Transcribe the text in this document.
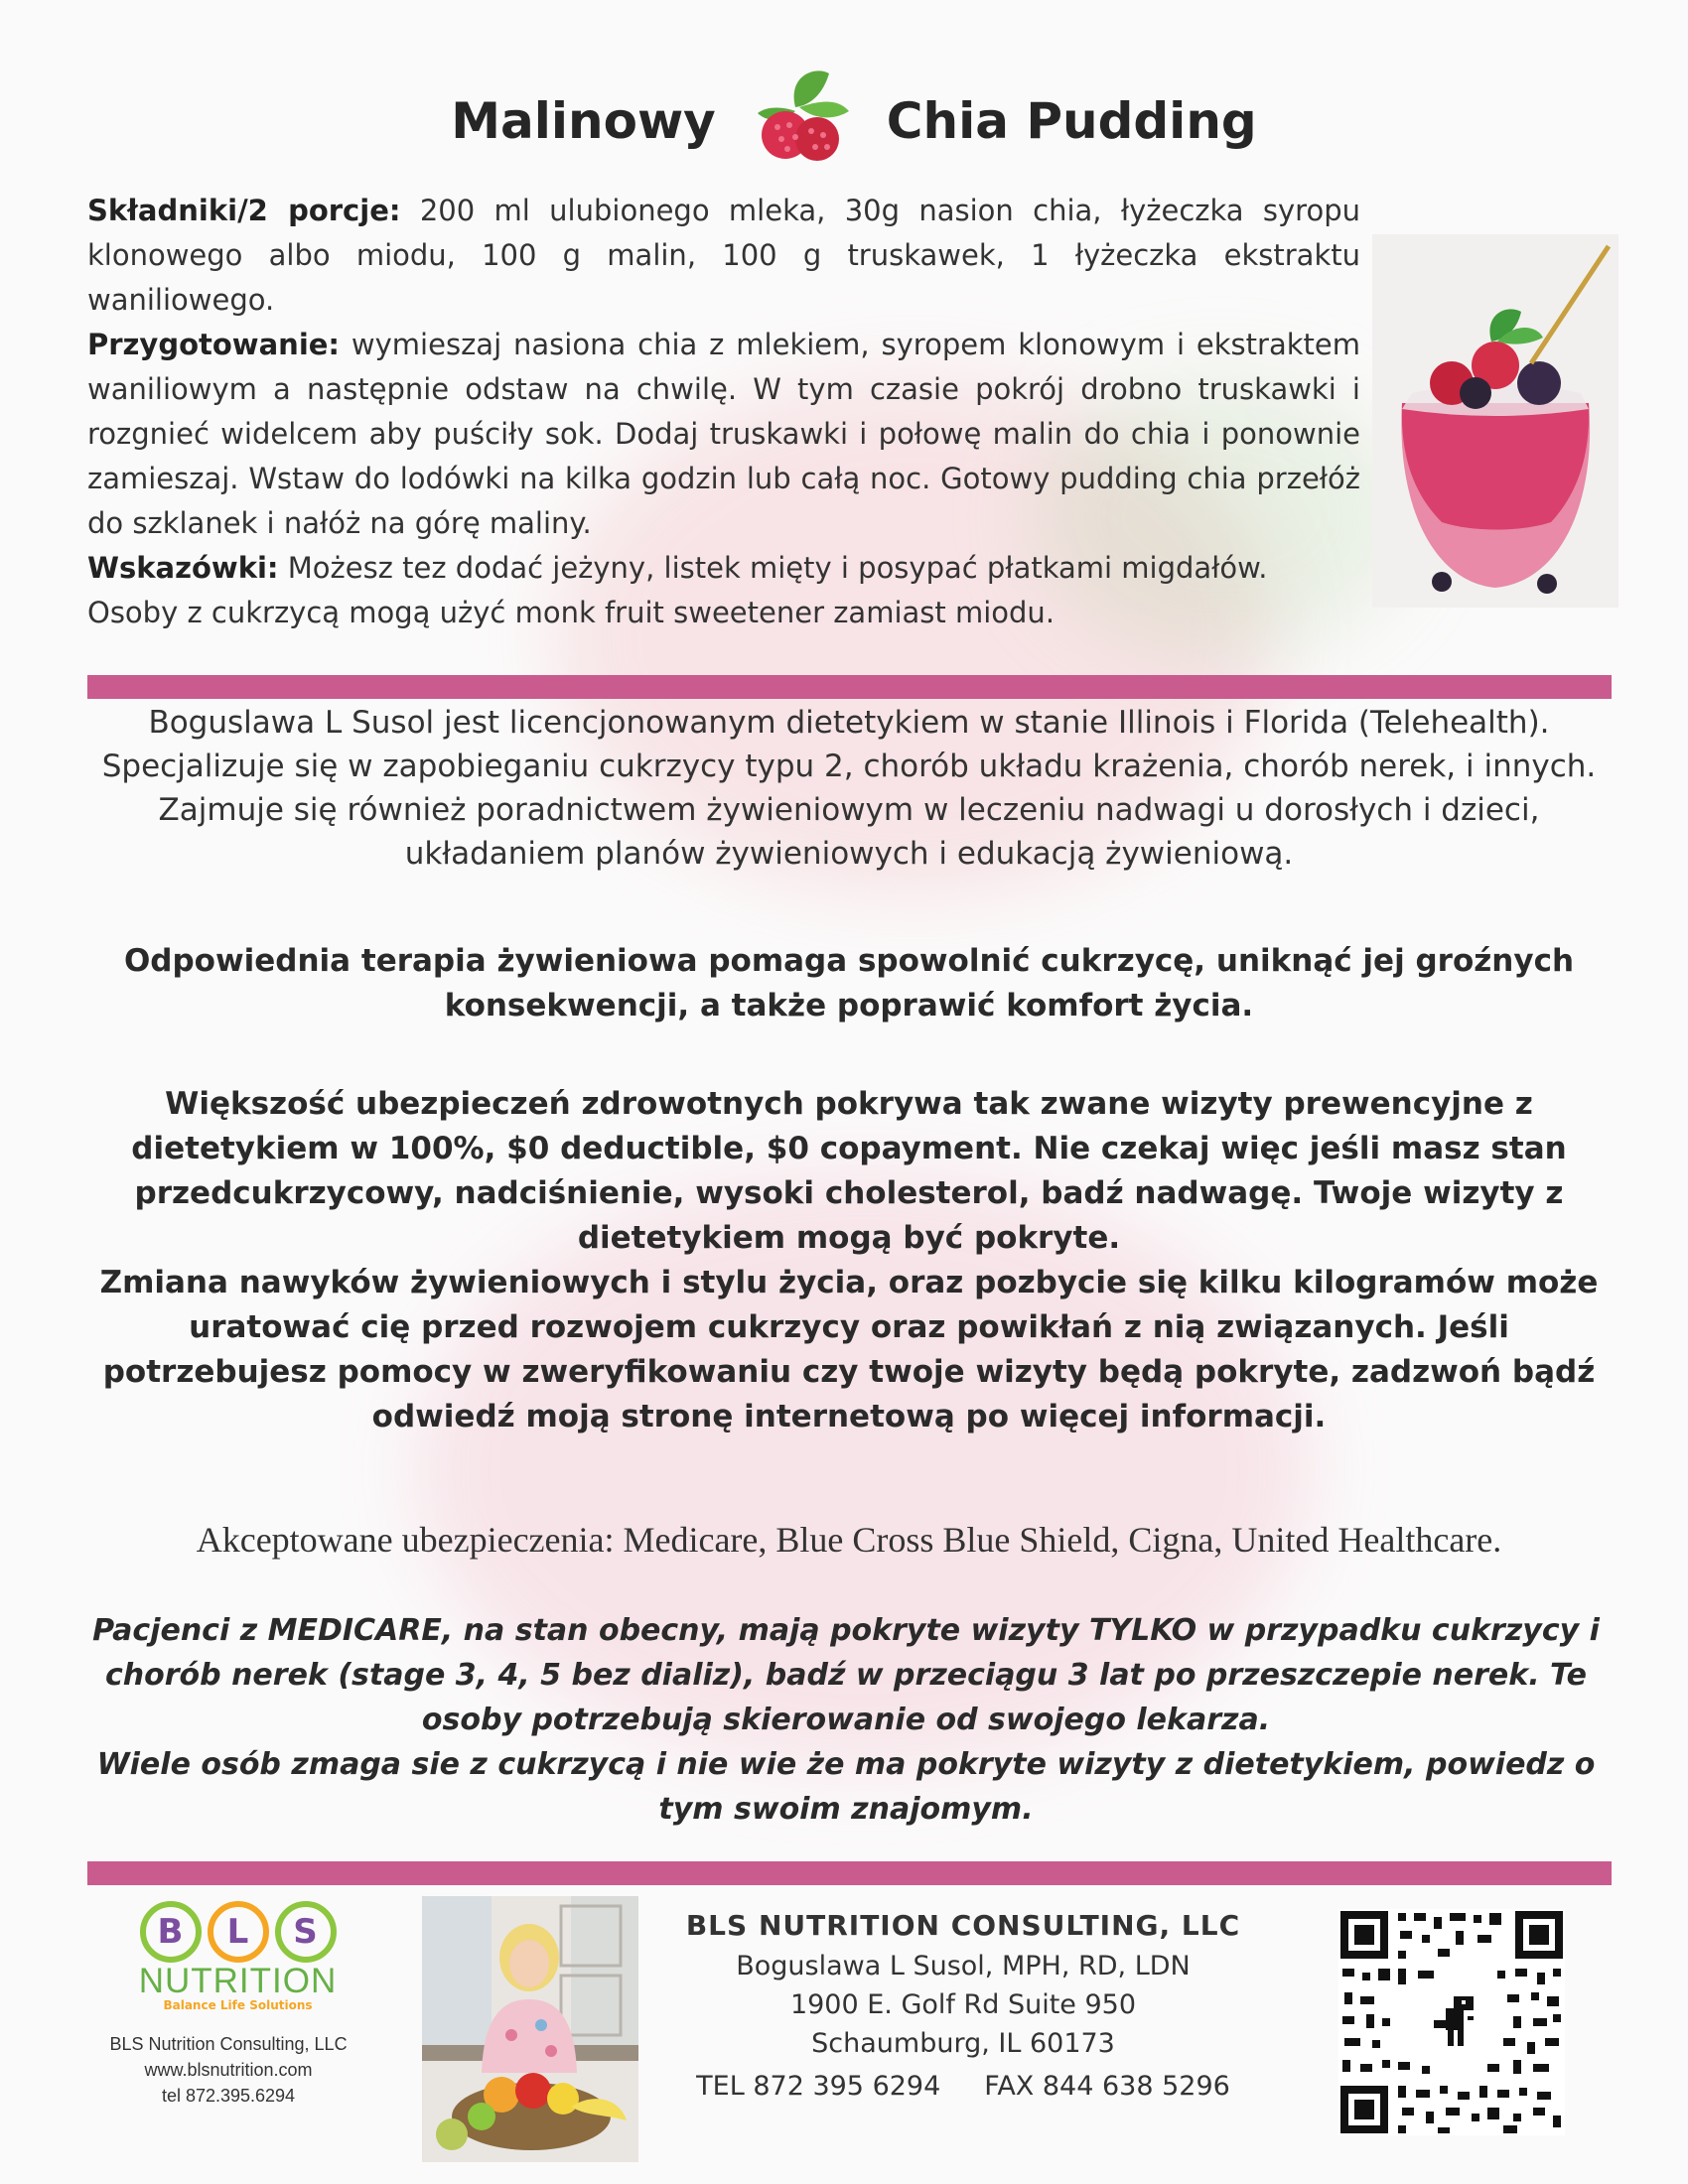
Malinowy	Chia Pudding

Składniki/2 porcje: 200 ml ulubionego mleka, 30g nasion chia, łyżeczka syropu klonowego albo miodu, 100 g malin, 100 g truskawek, 1 łyżeczka ekstraktu waniliowego.

Przygotowanie: wymieszaj nasiona chia z mlekiem, syropem klonowym i ekstraktem waniliowym a następnie odstaw na chwilę. W tym czasie pokrój drobno truskawki i rozgnieć widelcem aby puściły sok. Dodaj truskawki i połowę malin do chia i ponownie zamieszaj. Wstaw do lodówki na kilka godzin lub całą noc. Gotowy pudding chia przełóż do szklanek i nałóż na górę maliny.

Wskazówki: Możesz tez dodać jeżyny, listek mięty i posypać płatkami migdałów.

Osoby z cukrzycą mogą użyć monk fruit sweetener zamiast miodu.

Boguslawa L Susol jest licencjonowanym dietetykiem w stanie Illinois i Florida (Telehealth). Specjalizuje się w zapobieganiu cukrzycy typu 2, chorób układu krażenia, chorób nerek, i innych. Zajmuje się również poradnictwem żywieniowym w leczeniu nadwagi u dorosłych i dzieci, układaniem planów żywieniowych i edukacją żywieniową.

Odpowiednia terapia żywieniowa pomaga spowolnić cukrzycę, uniknąć jej groźnych konsekwencji, a także poprawić komfort życia.

Większość ubezpieczeń zdrowotnych pokrywa tak zwane wizyty prewencyjne z dietetykiem w 100%, $0 deductible, $0 copayment. Nie czekaj więc jeśli masz stan przedcukrzycowy, nadciśnienie, wysoki cholesterol, badź nadwagę. Twoje wizyty z dietetykiem mogą być pokryte.

Zmiana nawyków żywieniowych i stylu życia, oraz pozbycie się kilku kilogramów może uratować cię przed rozwojem cukrzycy oraz powikłań z nią związanych. Jeśli potrzebujesz pomocy w zweryfikowaniu czy twoje wizyty będą pokryte, zadzwoń bądź odwiedź moją stronę internetową po więcej informacji.

Akceptowane ubezpieczenia: Medicare, Blue Cross Blue Shield, Cigna, United Healthcare.

Pacjenci z MEDICARE, na stan obecny, mają pokryte wizyty TYLKO w przypadku cukrzycy i chorób nerek (stage 3, 4, 5 bez dializ), badź w przeciągu 3 lat po przeszczepie nerek. Te osoby potrzebują skierowanie od swojego lekarza.

Wiele osób zmaga sie z cukrzycą i nie wie że ma pokryte wizyty z dietetykiem, powiedz o tym swoim znajomym.

B	L	S
NUTRITION
Balance Life Solutions
BLS Nutrition Consulting, LLC
www.blsnutrition.com
tel 872.395.6294
BLS NUTRITION CONSULTING, LLC
Boguslawa L Susol, MPH, RD, LDN
1900 E. Golf Rd Suite 950
Schaumburg, IL 60173
TEL 872 395 6294 FAX 844 638 5296
